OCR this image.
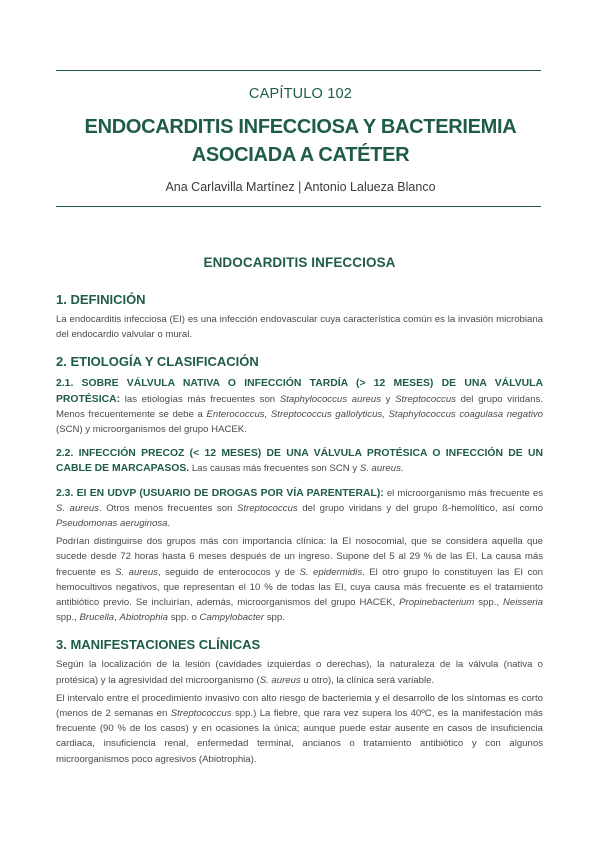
CAPÍTULO 102
ENDOCARDITIS INFECCIOSA Y BACTERIEMIA
ASOCIADA A CATÉTER
Ana Carlavilla Martínez | Antonio Lalueza Blanco
ENDOCARDITIS INFECCIOSA
1. DEFINICIÓN

La endocarditis infecciosa (EI) es una infección endovascular cuya característica común es la invasión microbiana del endocardio valvular o mural.

2. ETIOLOGÍA Y CLASIFICACIÓN

2.1. SOBRE VÁLVULA NATIVA O INFECCIÓN TARDÍA (> 12 MESES) DE UNA VÁLVULA PROTÉSICA: las etiologías más frecuentes son Staphylococcus aureus y Streptococcus del grupo viridans. Menos frecuentemente se debe a Enterococcus, Streptococcus gallolyticus, Staphylococcus coagulasa negativo (SCN) y microorganismos del grupo HACEK.

2.2. INFECCIÓN PRECOZ (< 12 MESES) DE UNA VÁLVULA PROTÉSICA O INFECCIÓN DE UN CABLE DE MARCAPASOS. Las causas más frecuentes son SCN y S. aureus.

2.3. EI EN UDVP (USUARIO DE DROGAS POR VÍA PARENTERAL): el microorganismo más frecuente es S. aureus. Otros menos frecuentes son Streptococcus del grupo viridans y del grupo ß-hemolítico, así como Pseudomonas aeruginosa.

Podrían distinguirse dos grupos más con importancia clínica: la EI nosocomial, que se considera aquella que sucede desde 72 horas hasta 6 meses después de un ingreso. Supone del 5 al 29 % de las EI. La causa más frecuente es S. aureus, seguido de enterococos y de S. epidermidis. El otro grupo lo constituyen las EI con hemocultivos negativos, que representan el 10 % de todas las EI, cuya causa más frecuente es el tratamiento antibiótico previo. Se incluirían, además, microorganismos del grupo HACEK, Propinebacterium spp., Neisseria spp., Brucella, Abiotrophia spp. o Campylobacter spp.

3. MANIFESTACIONES CLÍNICAS

Según la localización de la lesión (cavidades izquierdas o derechas), la naturaleza de la válvula (nativa o protésica) y la agresividad del microorganismo (S. aureus u otro), la clínica será variable.

El intervalo entre el procedimiento invasivo con alto riesgo de bacteriemia y el desarrollo de los síntomas es corto (menos de 2 semanas en Streptococcus spp.) La fiebre, que rara vez supera los 40ºC, es la manifestación más frecuente (90 % de los casos) y en ocasiones la única; aunque puede estar ausente en casos de insuficiencia cardiaca, insuficiencia renal, enfermedad terminal, ancianos o tratamiento antibiótico y con algunos microorganismos poco agresivos (Abiotrophia).
